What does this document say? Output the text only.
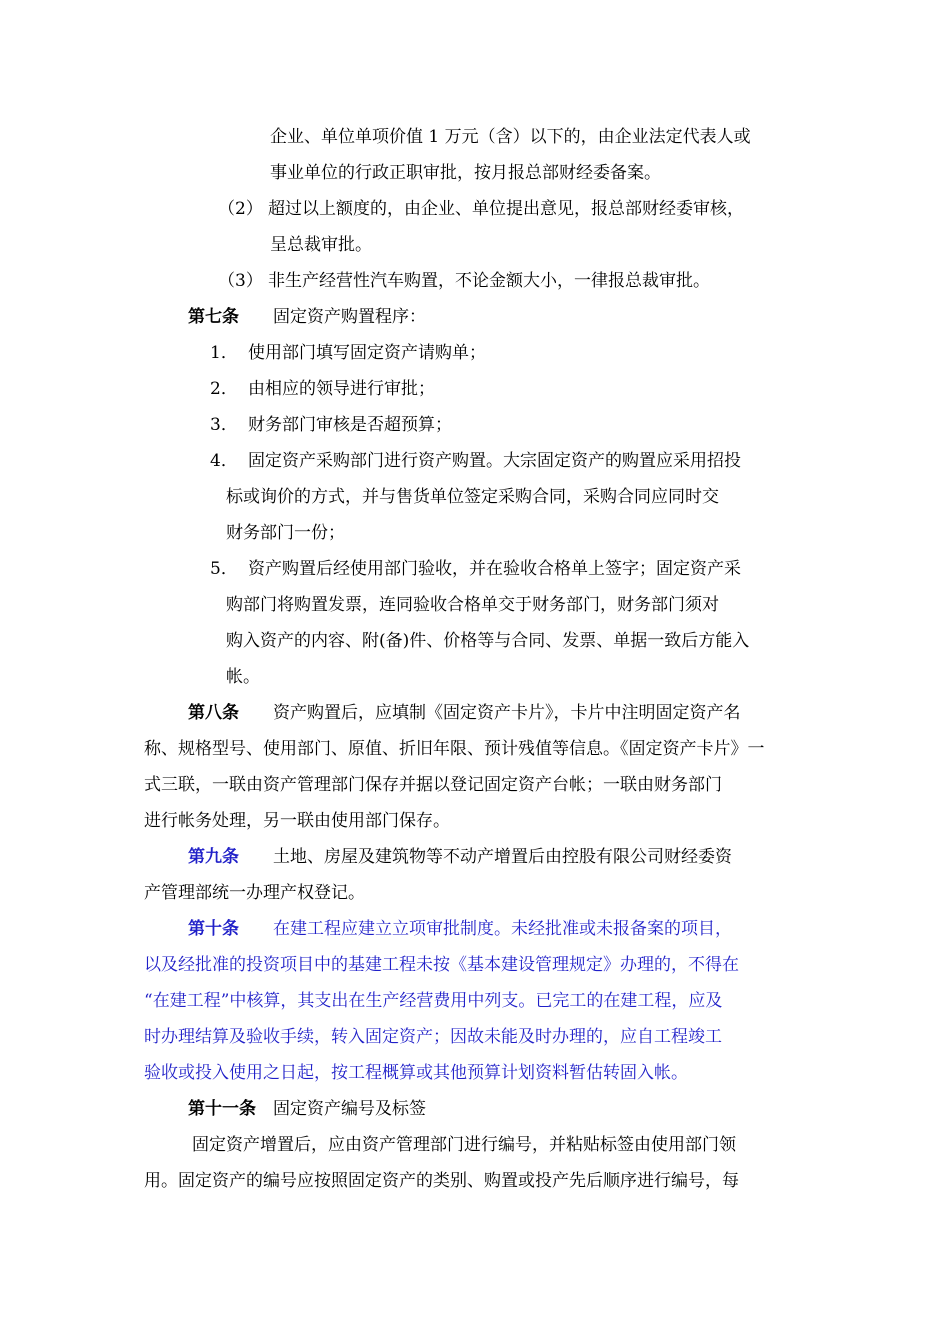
企业、单位单项价值 1 万元（含）以下的，由企业法定代表人或
事业单位的行政正职审批，按月报总部财经委备案。
（2） 超过以上额度的，由企业、单位提出意见，报总部财经委审核，
呈总裁审批。
（3） 非生产经营性汽车购置，不论金额大小，一律报总裁审批。
第七条 固定资产购置程序：
1． 使用部门填写固定资产请购单；
2． 由相应的领导进行审批；
3． 财务部门审核是否超预算；
4． 固定资产采购部门进行资产购置。大宗固定资产的购置应采用招投
标或询价的方式，并与售货单位签定采购合同，采购合同应同时交
财务部门一份；
5． 资产购置后经使用部门验收，并在验收合格单上签字；固定资产采
购部门将购置发票，连同验收合格单交于财务部门，财务部门须对
购入资产的内容、附(备)件、价格等与合同、发票、单据一致后方能入
帐。
第八条 资产购置后，应填制《固定资产卡片》，卡片中注明固定资产名
称、规格型号、使用部门、原值、折旧年限、预计残值等信息。《固定资产卡片》一
式三联，一联由资产管理部门保存并据以登记固定资产台帐；一联由财务部门
进行帐务处理，另一联由使用部门保存。
第九条 土地、房屋及建筑物等不动产增置后由控股有限公司财经委资
产管理部统一办理产权登记。
第十条 在建工程应建立立项审批制度。未经批准或未报备案的项目，
以及经批准的投资项目中的基建工程未按《基本建设管理规定》办理的，不得在
“在建工程”中核算，其支出在生产经营费用中列支。已完工的在建工程，应及
时办理结算及验收手续，转入固定资产；因故未能及时办理的，应自工程竣工
验收或投入使用之日起，按工程概算或其他预算计划资料暂估转固入帐。
第十一条 固定资产编号及标签
固定资产增置后，应由资产管理部门进行编号，并粘贴标签由使用部门领
用。固定资产的编号应按照固定资产的类别、购置或投产先后顺序进行编号，每
